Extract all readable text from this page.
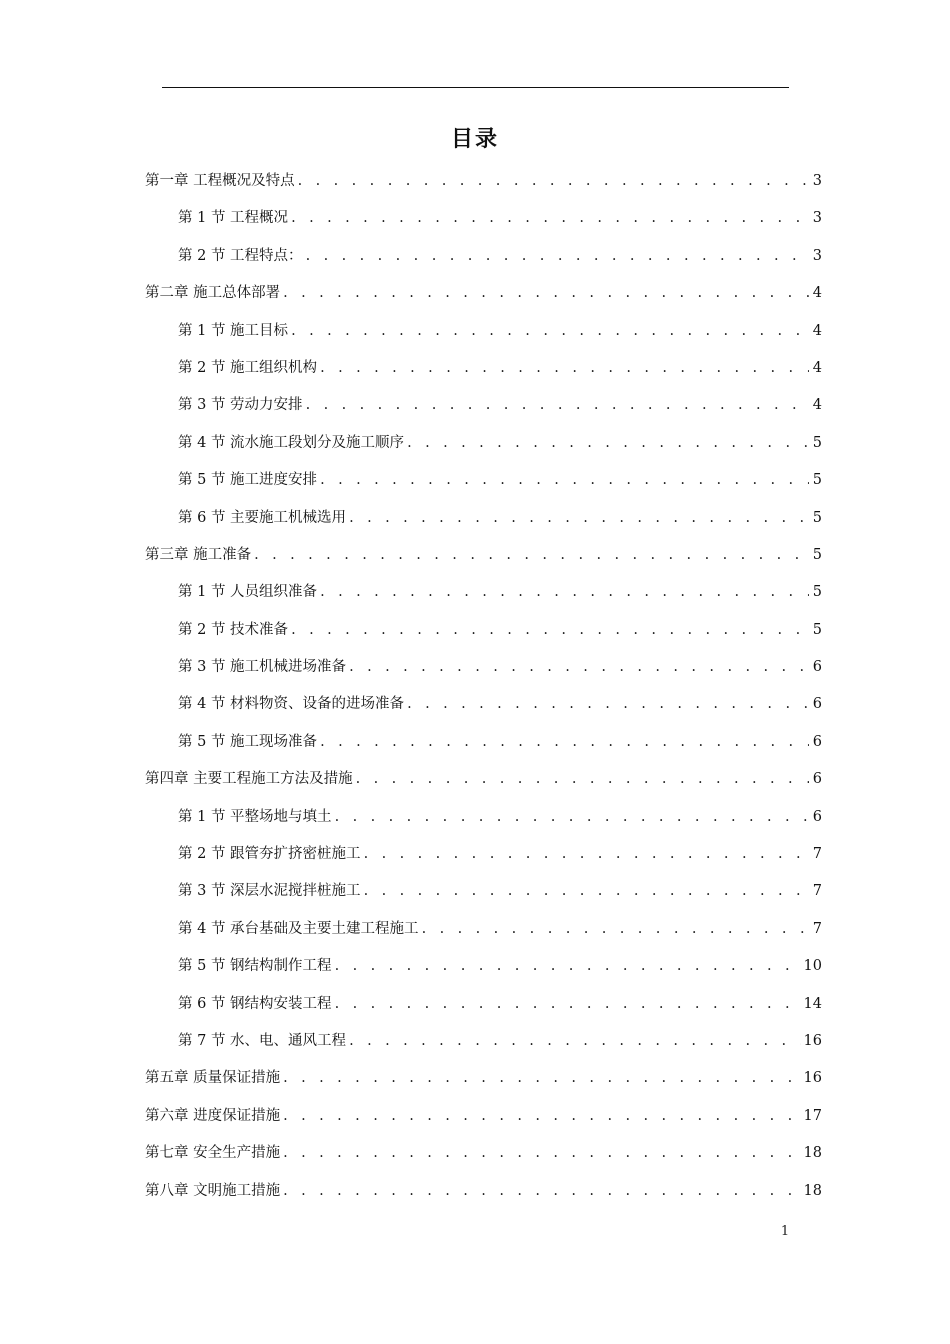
目录
第一章 工程概况及特点 . . .	3
第 1 节 工程概况 . . .	3
第 2 节 工程特点： . . .	3
第二章 施工总体部署 . . .	4
第 1 节 施工目标 . . .	4
第 2 节 施工组织机构 . . .	4
第 3 节 劳动力安排 . . .	4
第 4 节 流水施工段划分及施工顺序 . . .	5
第 5 节 施工进度安排 . . .	5
第 6 节 主要施工机械选用 . . .	5
第三章 施工准备 . . .	5
第 1 节 人员组织准备 . . .	5
第 2 节 技术准备 . . .	5
第 3 节 施工机械进场准备 . . .	6
第 4 节 材料物资、设备的进场准备 . . .	6
第 5 节 施工现场准备 . . .	6
第四章 主要工程施工方法及措施 . . .	6
第 1 节 平整场地与填土 . . .	6
第 2 节 跟管夯扩挤密桩施工 . . .	7
第 3 节 深层水泥搅拌桩施工 . . .	7
第 4 节 承台基础及主要土建工程施工 . . .	7
第 5 节 钢结构制作工程 . . .	10
第 6 节 钢结构安装工程 . . .	14
第 7 节 水、电、通风工程 . . .	16
第五章 质量保证措施 . . .	16
第六章 进度保证措施 . . .	17
第七章 安全生产措施 . . .	18
第八章 文明施工措施 . . .	18
1
